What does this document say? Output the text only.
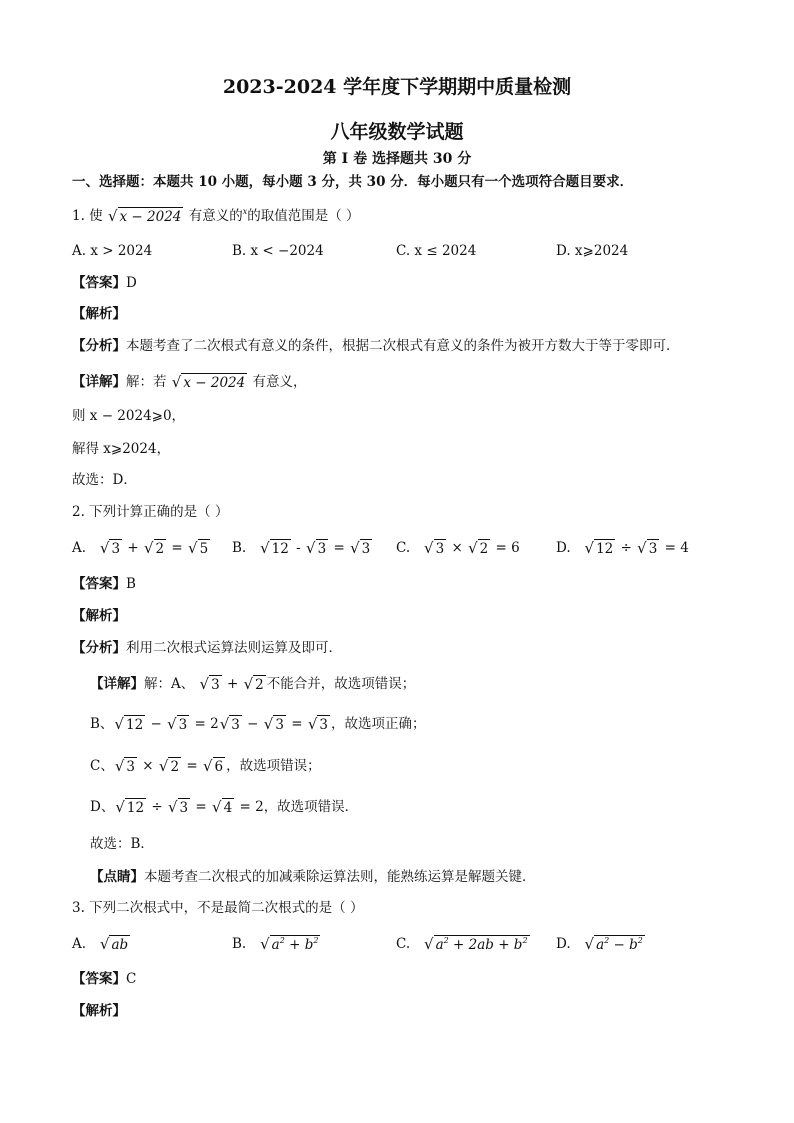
2023-2024 学年度下学期期中质量检测
八年级数学试题
第 I 卷 选择题共 30 分
一、选择题：本题共 10 小题，每小题 3 分，共 30 分．每小题只有一个选项符合题目要求．
1. 使 √ x − 2024 有意义的$^x$的取值范围是（ ）
A. x > 2024	B. x < −2024	C. x ≤ 2024	D. x⩾2024
【答案】D
【解析】
【分析】本题考查了二次根式有意义的条件，根据二次根式有意义的条件为被开方数大于等于零即可．
【详解】解：若 √ x − 2024 有意义，
则 x − 2024⩾0，
解得 x⩾2024，
故选：D．
2. 下列计算正确的是（ ）
A. √ 3 + √ 2 = √ 5 B. √ 12 - √ 3 = √ 3 C. √ 3 × √ 2 = 6	D. √ 12 ÷ √ 3 = 4
【答案】B
【解析】
【分析】利用二次根式运算法则运算及即可．
【详解】解：A、 √ 3 + √ 2 不能合并，故选项错误；
B、 √ 12 − √ 3 = 2 √ 3 − √ 3 = √ 3 ，故选项正确；
C、 √ 3 × √ 2 = √ 6 ，故选项错误；
D、 √ 12 ÷ √ 3 = √ 4 = 2，故选项错误．
故选：B．
【点睛】本题考查二次根式的加减乘除运算法则，能熟练运算是解题关键．
3. 下列二次根式中，不是最简二次根式的是（ ）
A. √ ab	B. √ $a^2 + b^2$	C. √ $a^2 + 2ab + b^2$ D. √ $a^2 - b^2$
【答案】C
【解析】
